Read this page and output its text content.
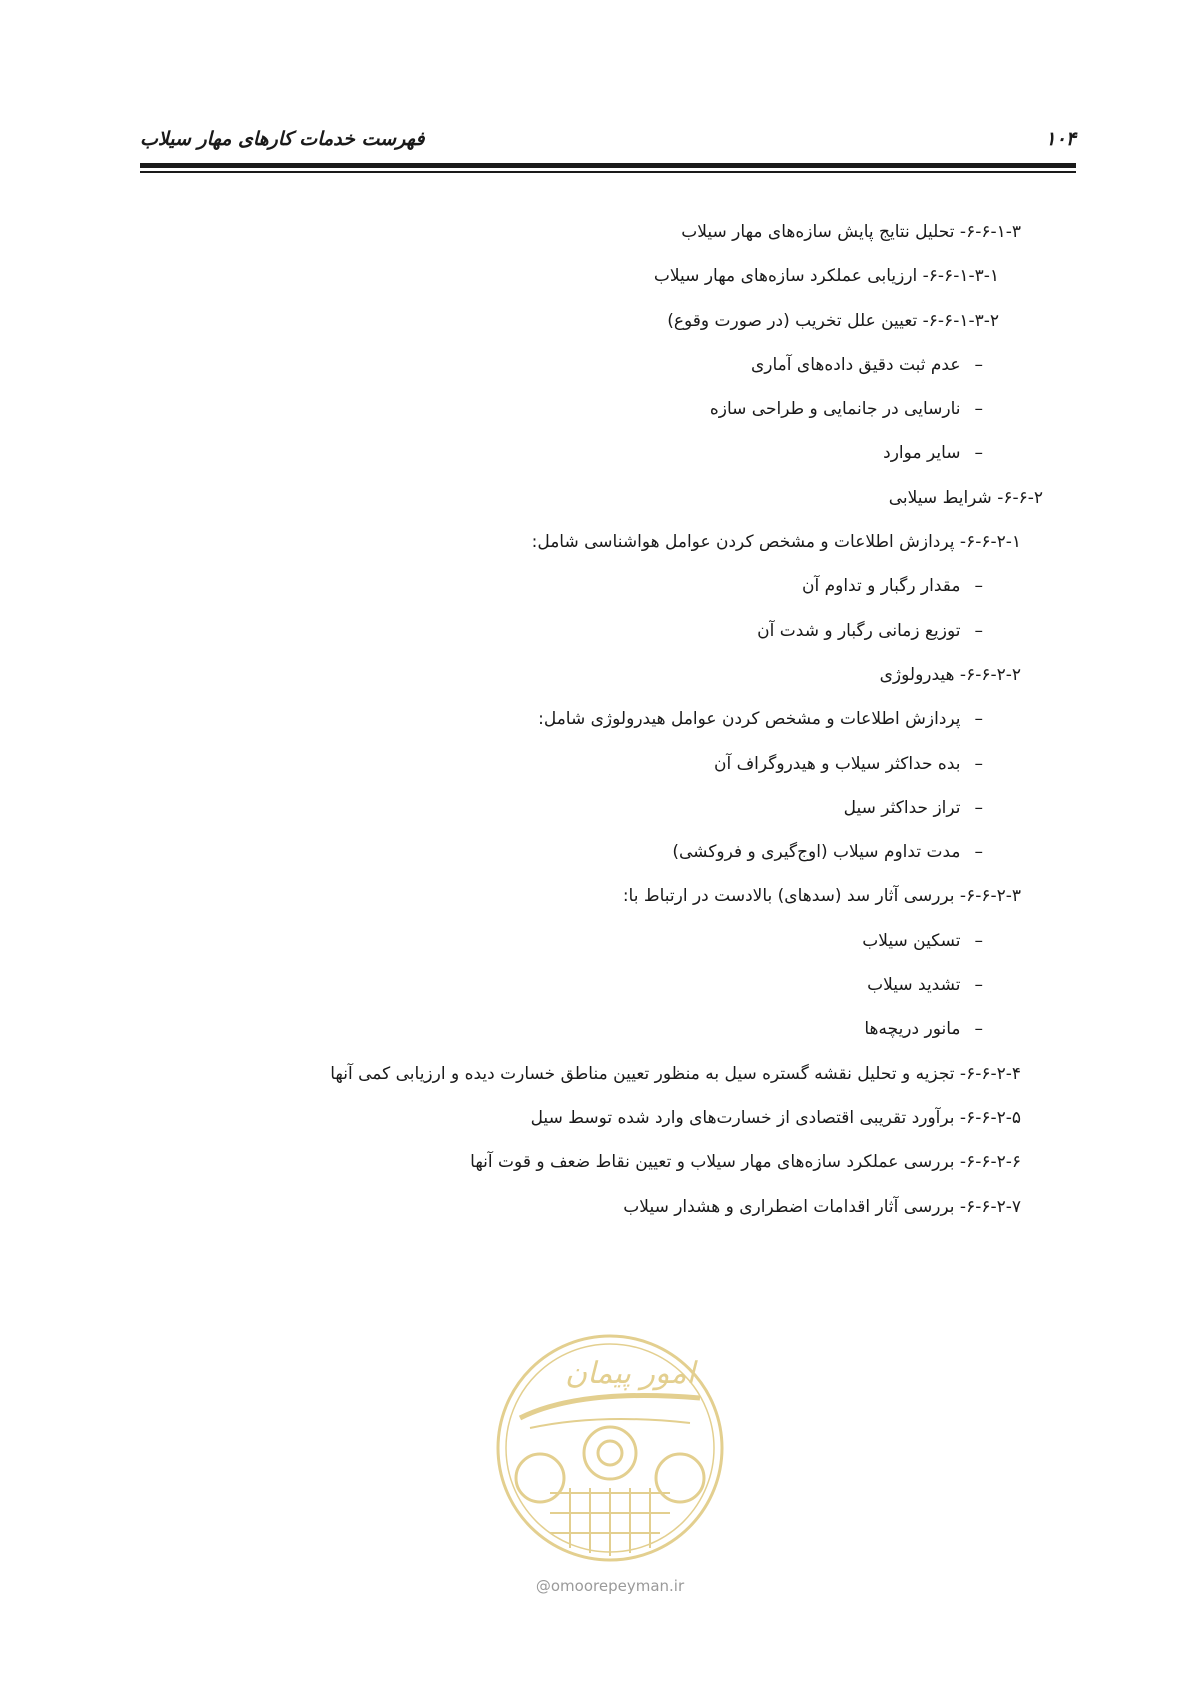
۱۰۴
فهرست خدمات کارهای مهار سیلاب
۶-۶-۱-۳- تحلیل نتایج پایش سازه‌های مهار سیلاب
۶-۶-۱-۳-۱- ارزیابی عملکرد سازه‌های مهار سیلاب
۶-۶-۱-۳-۲- تعیین علل تخریب (در صورت وقوع)
–عدم ثبت دقیق داده‌های آماری
–نارسایی در جانمایی و طراحی سازه
–سایر موارد
۶-۶-۲- شرایط سیلابی
۶-۶-۲-۱- پردازش اطلاعات و مشخص کردن عوامل هواشناسی شامل:
–مقدار رگبار و تداوم آن
–توزیع زمانی رگبار و شدت آن
۶-۶-۲-۲- هیدرولوژی
–پردازش اطلاعات و مشخص کردن عوامل هیدرولوژی شامل:
–بده حداکثر سیلاب و هیدروگراف آن
–تراز حداکثر سیل
–مدت تداوم سیلاب (اوج‌گیری و فروکشی)
۶-۶-۲-۳- بررسی آثار سد (سدهای) بالادست در ارتباط با:
–تسکین سیلاب
–تشدید سیلاب
–مانور دریچه‌ها
۶-۶-۲-۴- تجزیه و تحلیل نقشه گستره سیل به منظور تعیین مناطق خسارت دیده و ارزیابی کمی آنها
۶-۶-۲-۵- برآورد تقریبی اقتصادی از خسارت‌های وارد شده توسط سیل
۶-۶-۲-۶- بررسی عملکرد سازه‌های مهار سیلاب و تعیین نقاط ضعف و قوت آنها
۶-۶-۲-۷- بررسی آثار اقدامات اضطراری و هشدار سیلاب
امور پیمان
@omoorepeyman.ir
